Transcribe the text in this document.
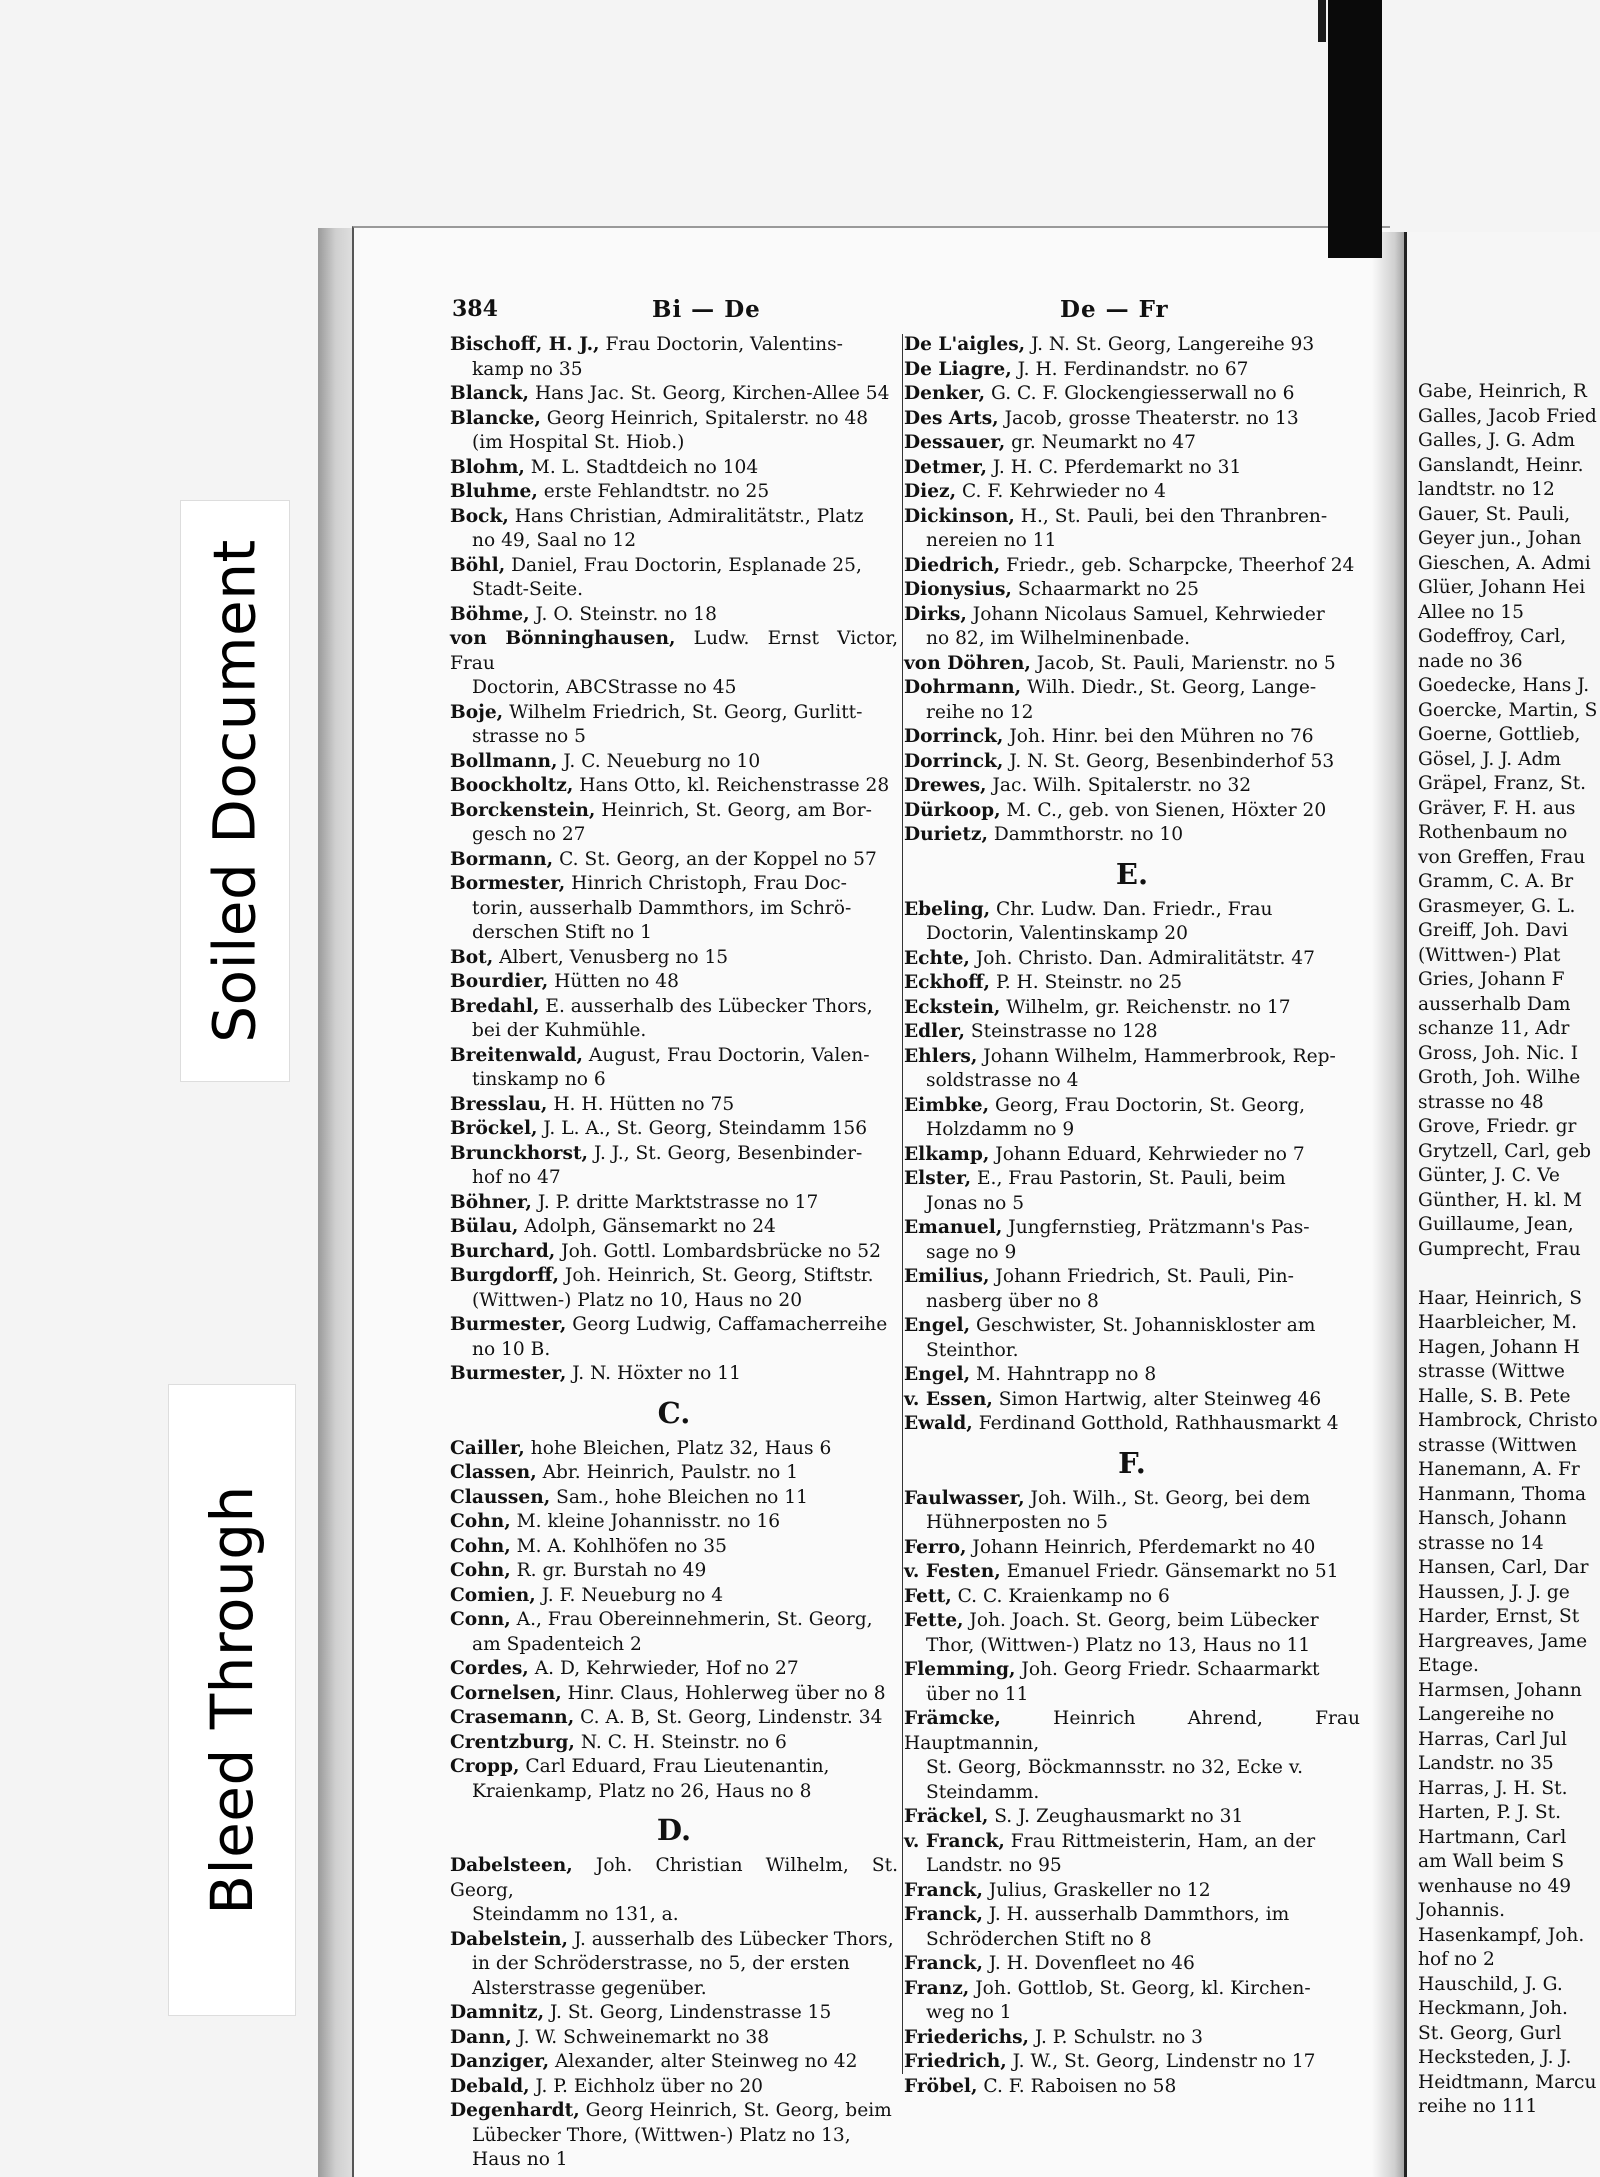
Soiled Document
Bleed Through
384	Bi — De	De — Fr
Bischoff, H. J., Frau Doctorin, Valentins-
kamp no 35
Blanck, Hans Jac. St. Georg, Kirchen-Allee 54
Blancke, Georg Heinrich, Spitalerstr. no 48
(im Hospital St. Hiob.)
Blohm, M. L. Stadtdeich no 104
Bluhme, erste Fehlandtstr. no 25
Bock, Hans Christian, Admiralitätstr., Platz
no 49, Saal no 12
Böhl, Daniel, Frau Doctorin, Esplanade 25,
Stadt-Seite.
Böhme, J. O. Steinstr. no 18
von Bönninghausen, Ludw. Ernst Victor, Frau
Doctorin, ABCStrasse no 45
Boje, Wilhelm Friedrich, St. Georg, Gurlitt-
strasse no 5
Bollmann, J. C. Neueburg no 10
Boockholtz, Hans Otto, kl. Reichenstrasse 28
Borckenstein, Heinrich, St. Georg, am Bor-
gesch no 27
Bormann, C. St. Georg, an der Koppel no 57
Bormester, Hinrich Christoph, Frau Doc-
torin, ausserhalb Dammthors, im Schrö-
derschen Stift no 1
Bot, Albert, Venusberg no 15
Bourdier, Hütten no 48
Bredahl, E. ausserhalb des Lübecker Thors,
bei der Kuhmühle.
Breitenwald, August, Frau Doctorin, Valen-
tinskamp no 6
Bresslau, H. H. Hütten no 75
Bröckel, J. L. A., St. Georg, Steindamm 156
Brunckhorst, J. J., St. Georg, Besenbinder-
hof no 47
Böhner, J. P. dritte Marktstrasse no 17
Bülau, Adolph, Gänsemarkt no 24
Burchard, Joh. Gottl. Lombardsbrücke no 52
Burgdorff, Joh. Heinrich, St. Georg, Stiftstr.
(Wittwen-) Platz no 10, Haus no 20
Burmester, Georg Ludwig, Caffamacherreihe
no 10 B.
Burmester, J. N. Höxter no 11
C.
Cailler, hohe Bleichen, Platz 32, Haus 6
Classen, Abr. Heinrich, Paulstr. no 1
Claussen, Sam., hohe Bleichen no 11
Cohn, M. kleine Johannisstr. no 16
Cohn, M. A. Kohlhöfen no 35
Cohn, R. gr. Burstah no 49
Comien, J. F. Neueburg no 4
Conn, A., Frau Obereinnehmerin, St. Georg,
am Spadenteich 2
Cordes, A. D, Kehrwieder, Hof no 27
Cornelsen, Hinr. Claus, Hohlerweg über no 8
Crasemann, C. A. B, St. Georg, Lindenstr. 34
Crentzburg, N. C. H. Steinstr. no 6
Cropp, Carl Eduard, Frau Lieutenantin,
Kraienkamp, Platz no 26, Haus no 8
D.
Dabelsteen, Joh. Christian Wilhelm, St. Georg,
Steindamm no 131, a.
Dabelstein, J. ausserhalb des Lübecker Thors,
in der Schröderstrasse, no 5, der ersten
Alsterstrasse gegenüber.
Damnitz, J. St. Georg, Lindenstrasse 15
Dann, J. W. Schweinemarkt no 38
Danziger, Alexander, alter Steinweg no 42
Debald, J. P. Eichholz über no 20
Degenhardt, Georg Heinrich, St. Georg, beim
Lübecker Thore, (Wittwen-) Platz no 13,
Haus no 1
De L'aigles, J. N. St. Georg, Langereihe 93
De Liagre, J. H. Ferdinandstr. no 67
Denker, G. C. F. Glockengiesserwall no 6
Des Arts, Jacob, grosse Theaterstr. no 13
Dessauer, gr. Neumarkt no 47
Detmer, J. H. C. Pferdemarkt no 31
Diez, C. F. Kehrwieder no 4
Dickinson, H., St. Pauli, bei den Thranbren-
nereien no 11
Diedrich, Friedr., geb. Scharpcke, Theerhof 24
Dionysius, Schaarmarkt no 25
Dirks, Johann Nicolaus Samuel, Kehrwieder
no 82, im Wilhelminenbade.
von Döhren, Jacob, St. Pauli, Marienstr. no 5
Dohrmann, Wilh. Diedr., St. Georg, Lange-
reihe no 12
Dorrinck, Joh. Hinr. bei den Mühren no 76
Dorrinck, J. N. St. Georg, Besenbinderhof 53
Drewes, Jac. Wilh. Spitalerstr. no 32
Dürkoop, M. C., geb. von Sienen, Höxter 20
Durietz, Dammthorstr. no 10
E.
Ebeling, Chr. Ludw. Dan. Friedr., Frau
Doctorin, Valentinskamp 20
Echte, Joh. Christo. Dan. Admiralitätstr. 47
Eckhoff, P. H. Steinstr. no 25
Eckstein, Wilhelm, gr. Reichenstr. no 17
Edler, Steinstrasse no 128
Ehlers, Johann Wilhelm, Hammerbrook, Rep-
soldstrasse no 4
Eimbke, Georg, Frau Doctorin, St. Georg,
Holzdamm no 9
Elkamp, Johann Eduard, Kehrwieder no 7
Elster, E., Frau Pastorin, St. Pauli, beim
Jonas no 5
Emanuel, Jungfernstieg, Prätzmann's Pas-
sage no 9
Emilius, Johann Friedrich, St. Pauli, Pin-
nasberg über no 8
Engel, Geschwister, St. Johanniskloster am
Steinthor.
Engel, M. Hahntrapp no 8
v. Essen, Simon Hartwig, alter Steinweg 46
Ewald, Ferdinand Gotthold, Rathhausmarkt 4
F.
Faulwasser, Joh. Wilh., St. Georg, bei dem
Hühnerposten no 5
Ferro, Johann Heinrich, Pferdemarkt no 40
v. Festen, Emanuel Friedr. Gänsemarkt no 51
Fett, C. C. Kraienkamp no 6
Fette, Joh. Joach. St. Georg, beim Lübecker
Thor, (Wittwen-) Platz no 13, Haus no 11
Flemming, Joh. Georg Friedr. Schaarmarkt
über no 11
Främcke,	Heinrich Ahrend, Frau Hauptmannin,
St. Georg, Böckmannsstr. no 32, Ecke v.
Steindamm.
Fräckel, S. J. Zeughausmarkt no 31
v. Franck, Frau Rittmeisterin, Ham, an der
Landstr. no 95
Franck, Julius, Graskeller no 12
Franck, J. H. ausserhalb Dammthors, im
Schröderchen Stift no 8
Franck, J. H. Dovenfleet no 46
Franz, Joh. Gottlob, St. Georg, kl. Kirchen-
weg no 1
Friederichs, J. P. Schulstr. no 3
Friedrich, J. W., St. Georg, Lindenstr no 17
Fröbel, C. F. Raboisen no 58
Gabe, Heinrich, R
Galles, Jacob Fried
Galles, J. G. Adm
Ganslandt, Heinr.
landtstr. no 12
Gauer, St. Pauli,
Geyer jun., Johan
Gieschen, A. Admi
Glüer, Johann Hei
Allee no 15
Godeffroy, Carl,
nade no 36
Goedecke, Hans J.
Goercke, Martin, S
Goerne, Gottlieb,
Gösel, J. J. Adm
Gräpel, Franz, St.
Gräver, F. H. aus
Rothenbaum no
von Greffen, Frau
Gramm, C. A. Br
Grasmeyer, G. L.
Greiff, Joh. Davi
(Wittwen-) Plat
Gries, Johann F
ausserhalb Dam
schanze 11, Adr
Gross, Joh. Nic. I
Groth, Joh. Wilhe
strasse no 48
Grove, Friedr. gr
Grytzell, Carl, geb
Günter, J. C. Ve
Günther, H. kl. M
Guillaume, Jean,
Gumprecht, Frau

Haar, Heinrich, S
Haarbleicher, M.
Hagen, Johann H
strasse (Wittwe
Halle, S. B. Pete
Hambrock, Christo
strasse (Wittwen
Hanemann, A. Fr
Hanmann, Thoma
Hansch, Johann
strasse no 14
Hansen, Carl, Dar
Haussen, J. J. ge
Harder, Ernst, St
Hargreaves, Jame
Etage.
Harmsen, Johann
Langereihe no
Harras, Carl Jul
Landstr. no 35
Harras, J. H. St.
Harten, P. J. St.
Hartmann, Carl
am Wall beim S
wenhause no 49
Johannis.
Hasenkampf, Joh.
hof no 2
Hauschild, J. G.
Heckmann, Joh.
St. Georg, Gurl
Hecksteden, J. J.
Heidtmann, Marcu
reihe no 111
